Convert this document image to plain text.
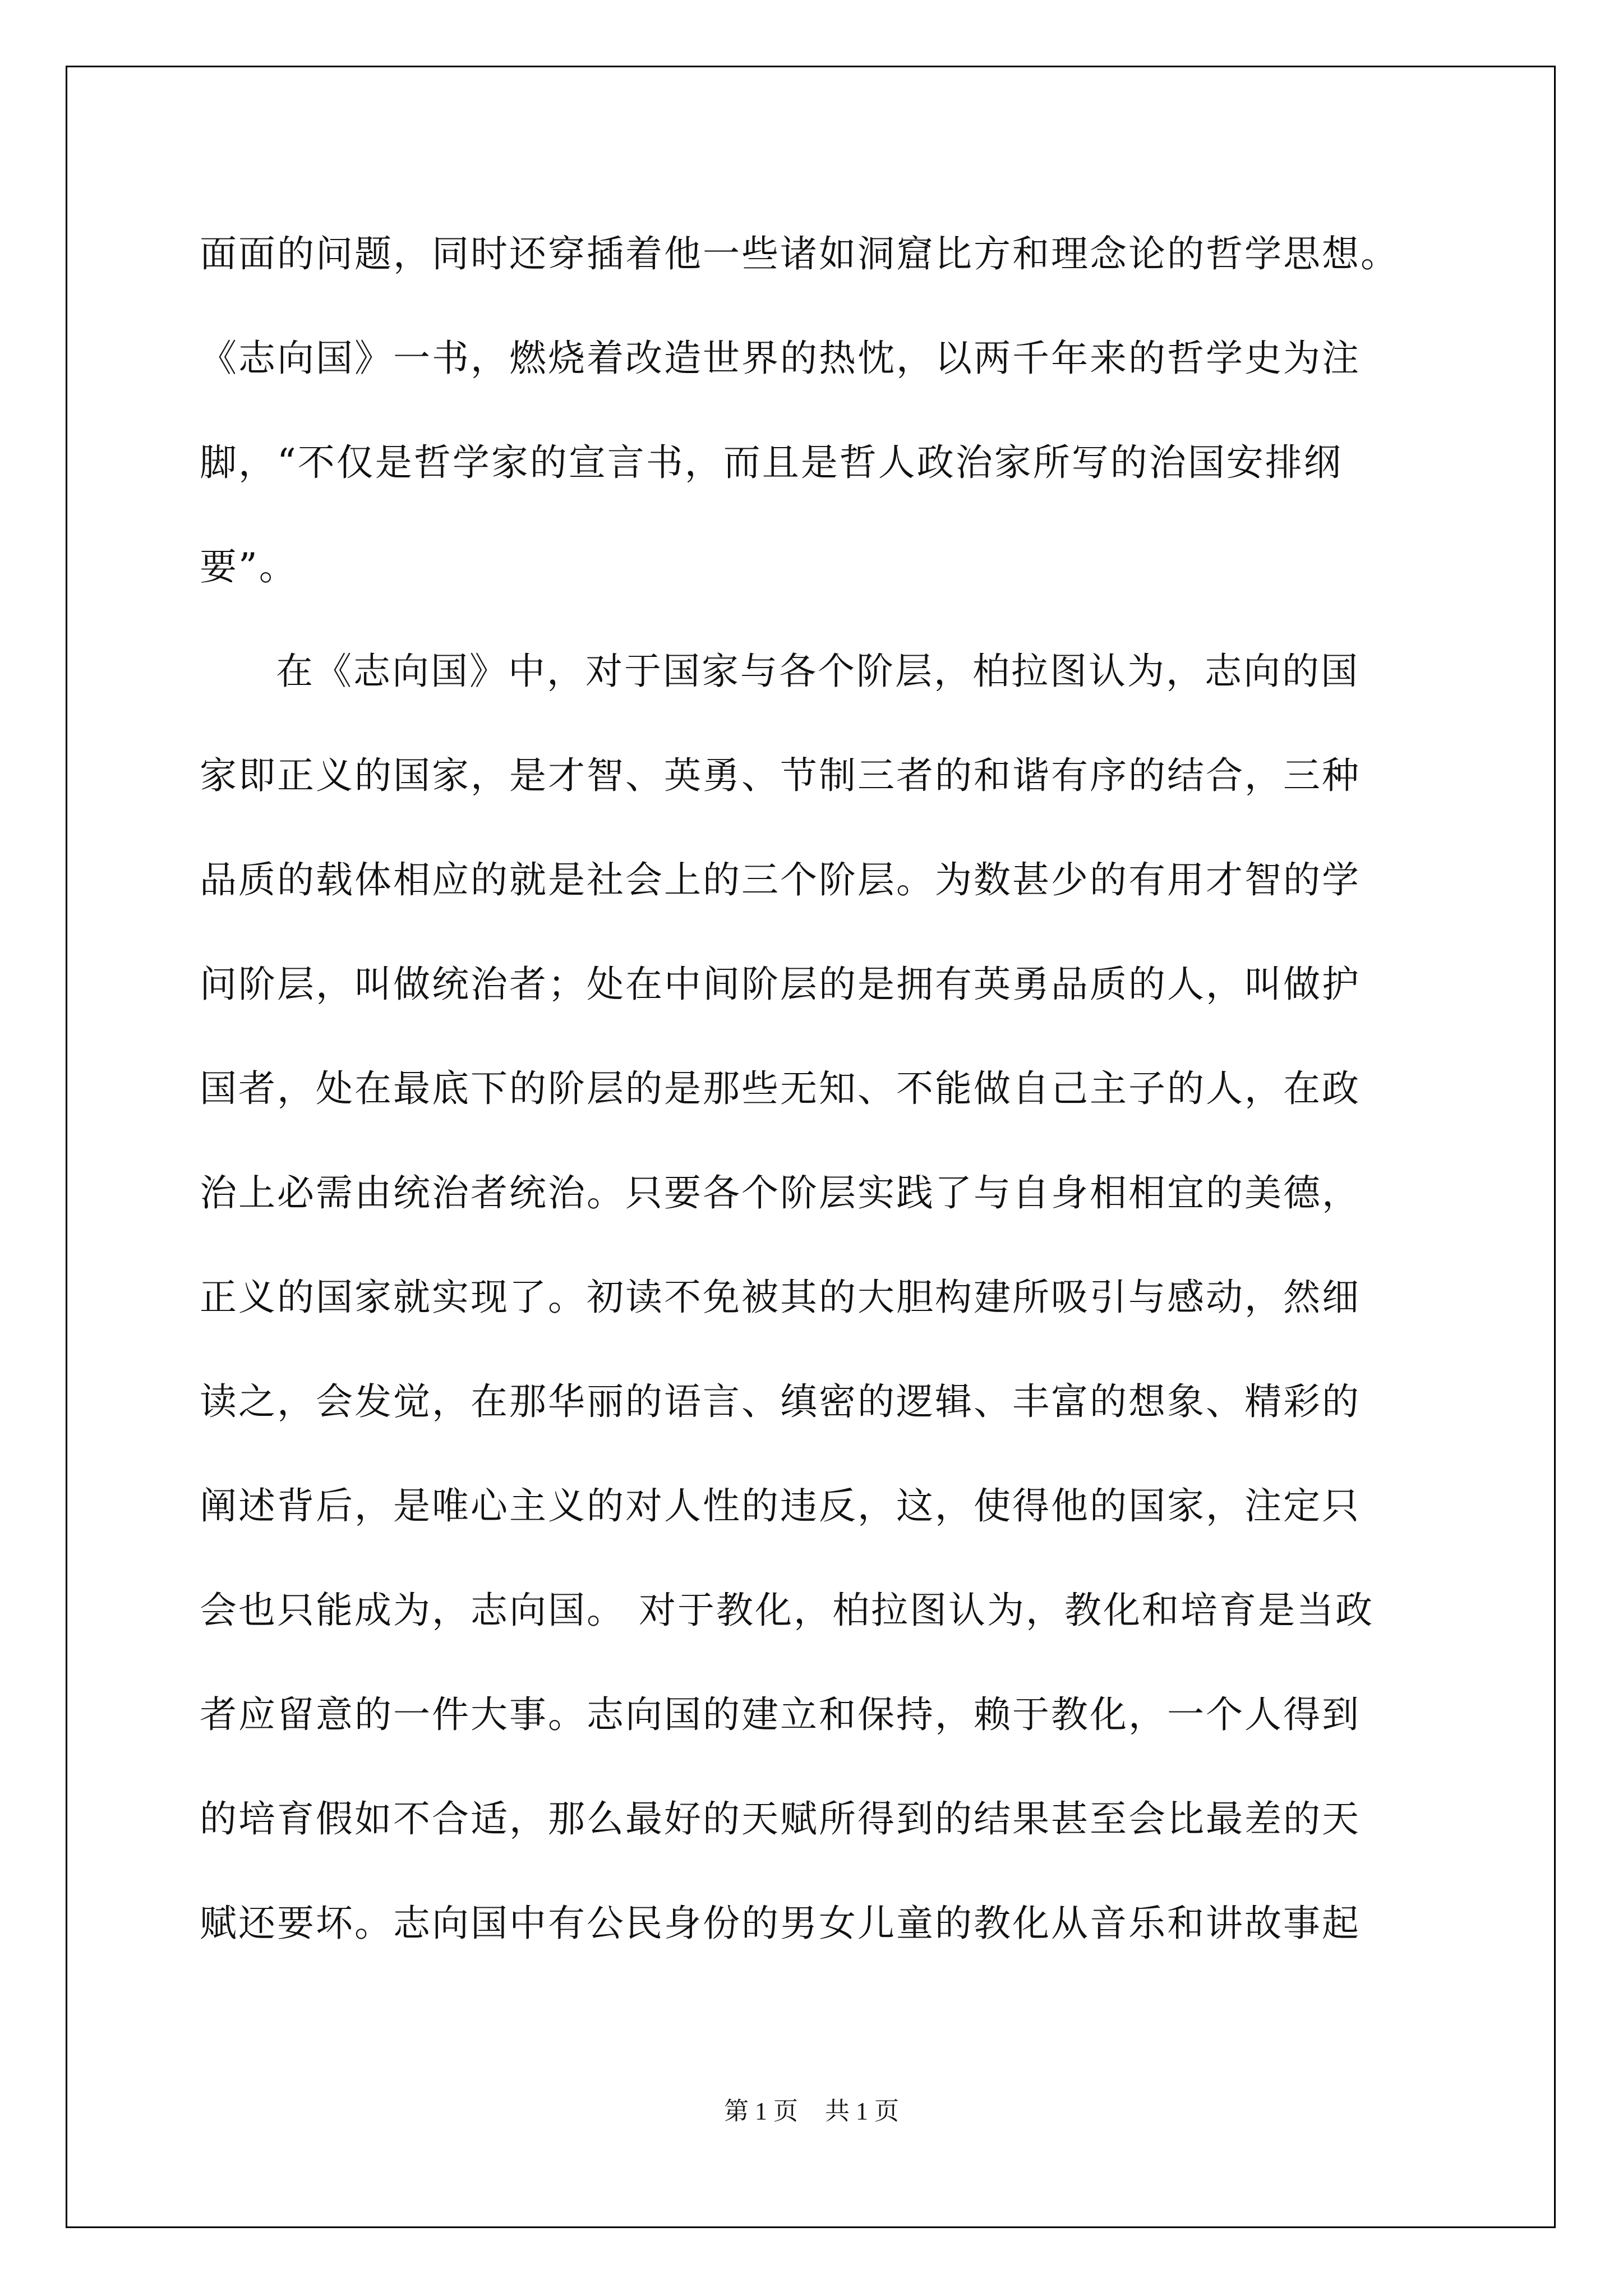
面面的问题，同时还穿插着他一些诸如洞窟比方和理念论的哲学思想。
《志向国》一书，燃烧着改造世界的热忱，以两千年来的哲学史为注
脚，“不仅是哲学家的宣言书，而且是哲人政治家所写的治国安排纲
要”。
在《志向国》中，对于国家与各个阶层，柏拉图认为，志向的国
家即正义的国家，是才智、英勇、节制三者的和谐有序的结合，三种
品质的载体相应的就是社会上的三个阶层。为数甚少的有用才智的学
问阶层，叫做统治者；处在中间阶层的是拥有英勇品质的人，叫做护
国者，处在最底下的阶层的是那些无知、不能做自己主子的人，在政
治上必需由统治者统治。只要各个阶层实践了与自身相相宜的美德，
正义的国家就实现了。初读不免被其的大胆构建所吸引与感动，然细
读之，会发觉，在那华丽的语言、缜密的逻辑、丰富的想象、精彩的
阐述背后，是唯心主义的对人性的违反，这，使得他的国家，注定只
会也只能成为，志向国。 对于教化，柏拉图认为，教化和培育是当政
者应留意的一件大事。志向国的建立和保持，赖于教化，一个人得到
的培育假如不合适，那么最好的天赋所得到的结果甚至会比最差的天
赋还要坏。志向国中有公民身份的男女儿童的教化从音乐和讲故事起
第 1 页 共 1 页
